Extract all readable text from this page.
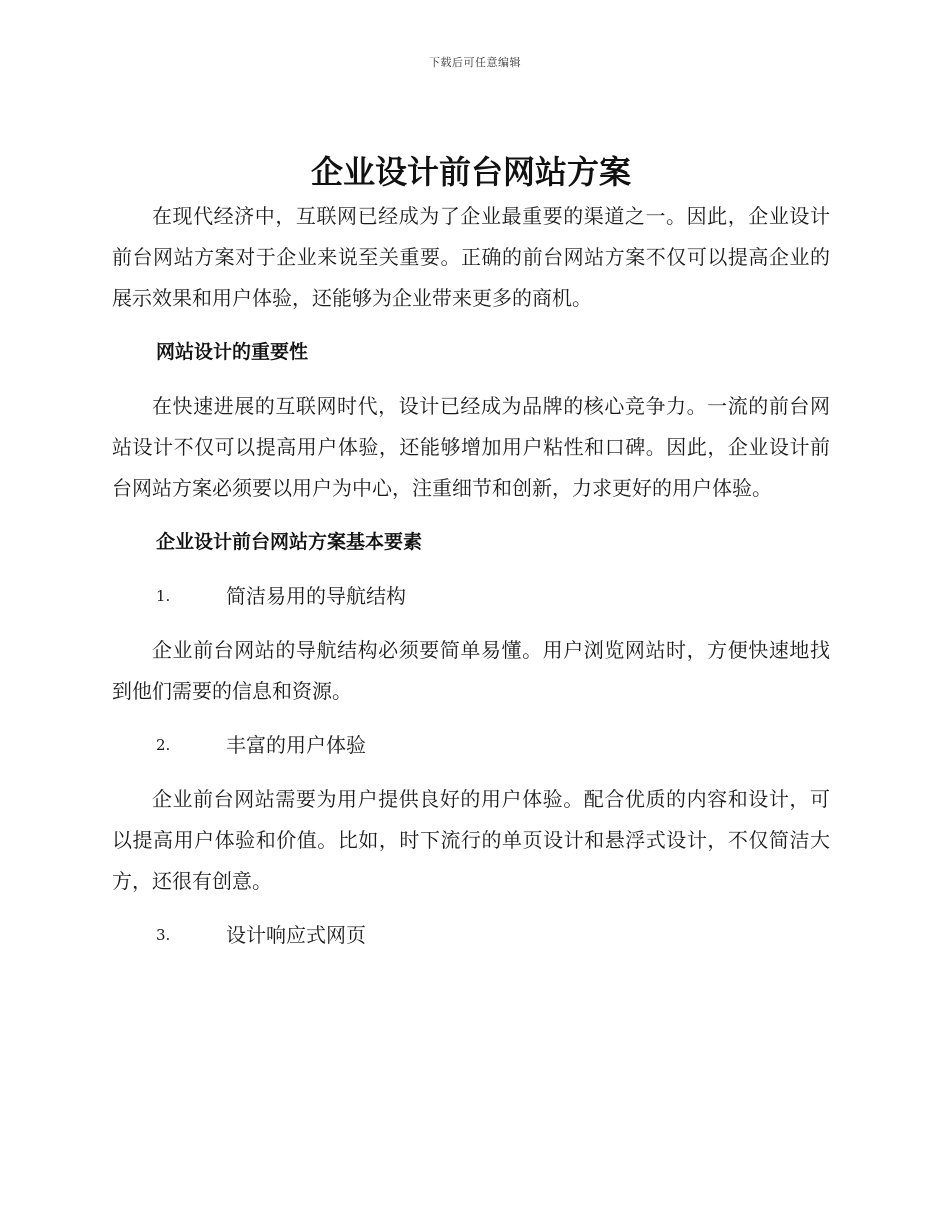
下载后可任意编辑
企业设计前台网站方案

在现代经济中，互联网已经成为了企业最重要的渠道之一。因此，企业设计前台网站方案对于企业来说至关重要。正确的前台网站方案不仅可以提高企业的展示效果和用户体验，还能够为企业带来更多的商机。

网站设计的重要性

在快速进展的互联网时代，设计已经成为品牌的核心竞争力。一流的前台网站设计不仅可以提高用户体验，还能够增加用户粘性和口碑。因此，企业设计前台网站方案必须要以用户为中心，注重细节和创新，力求更好的用户体验。

企业设计前台网站方案基本要素
1.	简洁易用的导航结构

企业前台网站的导航结构必须要简单易懂。用户浏览网站时，方便快速地找到他们需要的信息和资源。

2.	丰富的用户体验

企业前台网站需要为用户提供良好的用户体验。配合优质的内容和设计，可以提高用户体验和价值。比如，时下流行的单页设计和悬浮式设计，不仅简洁大方，还很有创意。

3.	设计响应式网页
